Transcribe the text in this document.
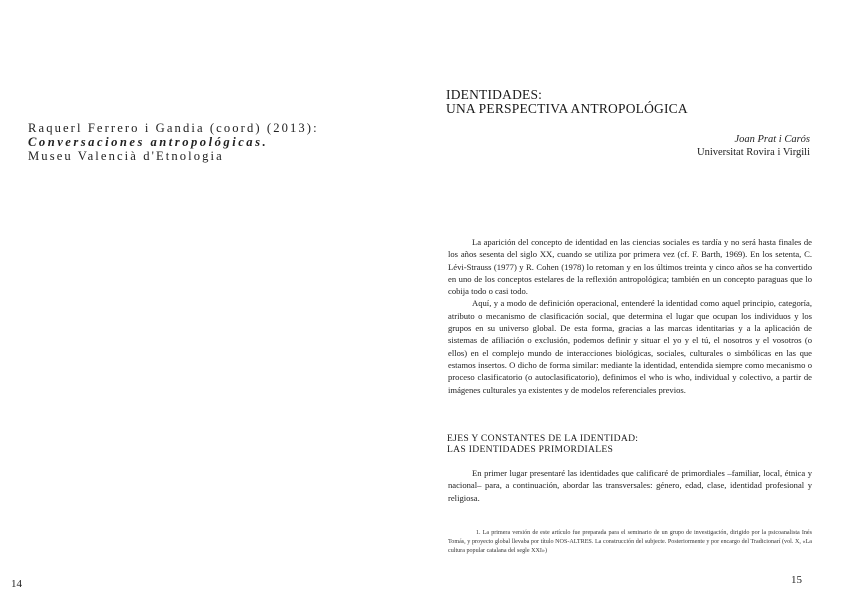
Raquerl Ferrero i Gandia (coord) (2013):
Conversaciones antropológicas.
Museu Valencià d'Etnologia
14
IDENTIDADES:
UNA PERSPECTIVA ANTROPOLÓGICA
Joan Prat i Carós
Universitat Rovira i Virgili

La aparición del concepto de identidad en las ciencias sociales es tardía y no será hasta finales de los años sesenta del siglo XX, cuando se utiliza por primera vez (cf. F. Barth, 1969). En los setenta, C. Lévi-Strauss (1977) y R. Cohen (1978) lo retoman y en los últimos treinta y cinco años se ha convertido en uno de los conceptos estelares de la reflexión antropológica; también en un concepto paraguas que lo cobija todo o casi todo.

Aquí, y a modo de definición operacional, entenderé la identidad como aquel principio, categoría, atributo o mecanismo de clasificación social, que determina el lugar que ocupan los individuos y los grupos en su universo global. De esta forma, gracias a las marcas identitarias y a la aplicación de sistemas de afiliación o exclusión, podemos definir y situar el yo y el tú, el nosotros y el vosotros (o ellos) en el complejo mundo de interacciones biológicas, sociales, culturales o simbólicas en las que estamos insertos. O dicho de forma similar: mediante la identidad, entendida siempre como mecanismo o proceso clasificatorio (o autoclasificatorio), definimos el who is who, individual y colectivo, a partir de imágenes culturales ya existentes y de modelos referenciales previos.

EJES Y CONSTANTES DE LA IDENTIDAD:
LAS IDENTIDADES PRIMORDIALES

En primer lugar presentaré las identidades que calificaré de primordiales –familiar, local, étnica y nacional– para, a continuación, abordar las transversales: género, edad, clase, identidad profesional y religiosa.

1. La primera versión de este artículo fue preparada para el seminario de un grupo de investigación, dirigido por la psicoanalista Inés Tomás, y proyecto global llevaba por título NOS-ALTRES. La construcción del subjecte. Posteriormente y por encargo del Tradicionarí (vol. X, «La cultura popular catalana del segle XXI»)

15
